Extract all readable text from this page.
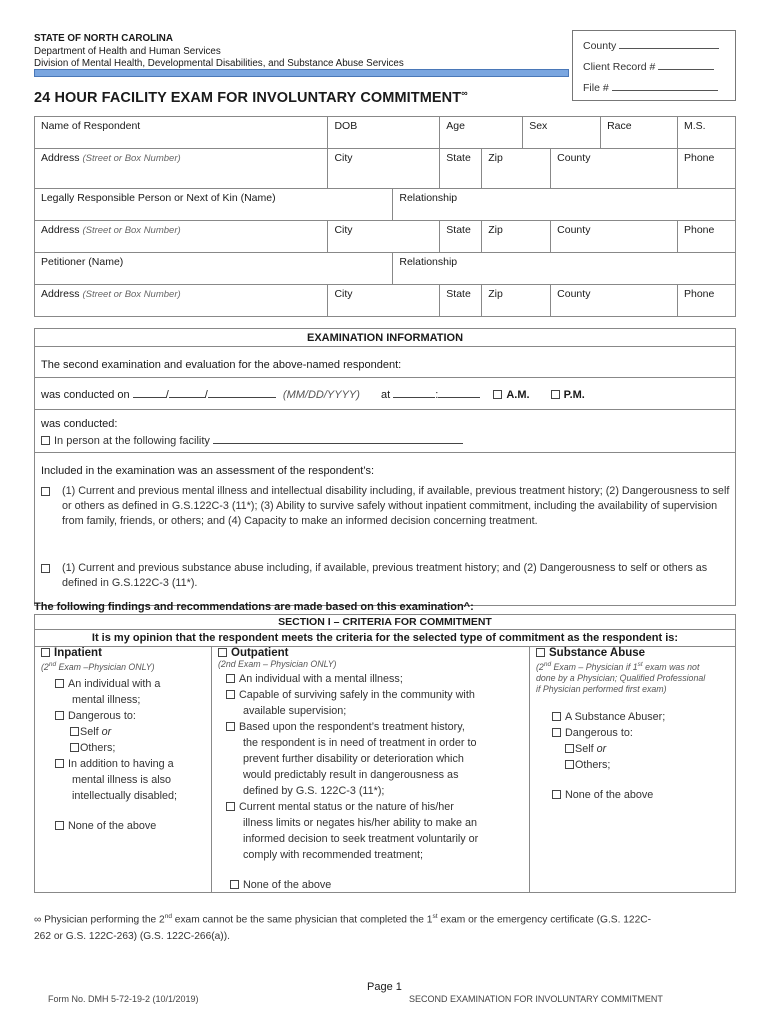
STATE OF NORTH CAROLINA
Department of Health and Human Services
Division of Mental Health, Developmental Disabilities, and Substance Abuse Services
County
Client Record #
File #
24 HOUR FACILITY EXAM FOR INVOLUNTARY COMMITMENT∞
Name of Respondent	DOB		Age		Sex		Race	M.S.
Address (Street or Box Number)	City		State	Zip		County		Phone
Legally Responsible Person or Next of Kin (Name)		Relationship						
Address (Street or Box Number)	City		State	Zip		County		Phone
Petitioner (Name)		Relationship						
Address (Street or Box Number)	City		State	Zip		County		Phone
EXAMINATION INFORMATION
The second examination and evaluation for the above-named respondent:
was conducted on	/	/	(MM/DD/YYYY) at	:	A.M.	P.M.
was conducted:
In person at the following facility
Included in the examination was an assessment of the respondent’s:
(1) Current and previous mental illness and intellectual disability including, if available, previous treatment history; (2) Dangerousness to self or others as defined in G.S.122C-3 (11*); (3) Ability to survive safely without inpatient commitment, including the availability of supervision from family, friends, or others; and (4) Capacity to make an informed decision concerning treatment.
(1) Current and previous substance abuse including, if available, previous treatment history; and (2) Dangerousness to self or others as defined in G.S.122C-3 (11*).
The following findings and recommendations are made based on this examination^:
SECTION I – CRITERIA FOR COMMITMENT
It is my opinion that the respondent meets the criteria for the selected type of commitment as the respondent is:
Inpatient
(2nd Exam –Physician ONLY)
An individual with a
mental illness;
Dangerous to:
Self or
Others;
In addition to having a
mental illness is also
intellectually disabled;
None of the above
Outpatient
(2nd Exam – Physician ONLY)
An individual with a mental illness;
Capable of surviving safely in the community with
available supervision;
Based upon the respondent’s treatment history,
the respondent is in need of treatment in order to
prevent further disability or deterioration which
would predictably result in dangerousness as
defined by G.S. 122C-3 (11*);
Current mental status or the nature of his/her
illness limits or negates his/her ability to make an
informed decision to seek treatment voluntarily or
comply with recommended treatment;
None of the above
Substance Abuse
(2nd Exam – Physician if 1st exam was not
done by a Physician; Qualified Professional
if Physician performed first exam)
A Substance Abuser;
Dangerous to:
Self or
Others;
None of the above
∞ Physician performing the 2nd exam cannot be the same physician that completed the 1st exam or the emergency certificate (G.S. 122C-
262 or G.S. 122C-263) (G.S. 122C-266(a)).
Page 1
Form No. DMH 5-72-19-2 (10/1/2019)	SECOND EXAMINATION FOR INVOLUNTARY COMMITMENT
